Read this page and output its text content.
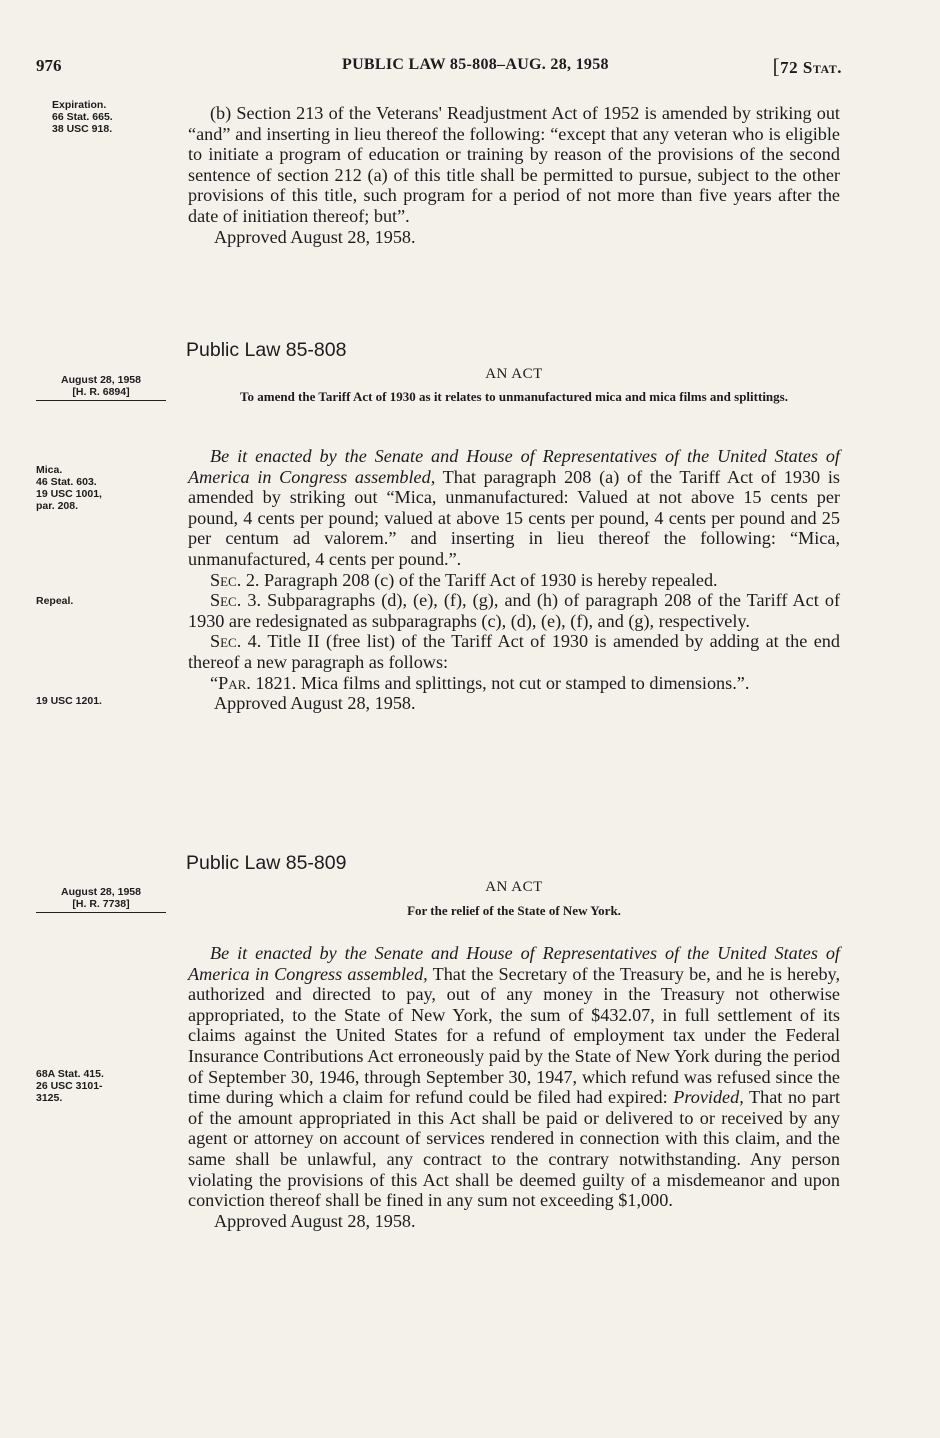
976	PUBLIC LAW 85-808–AUG. 28, 1958	[72 Stat.
Expiration.
66 Stat. 665.
38 USC 918.

(b) Section 213 of the Veterans' Readjustment Act of 1952 is amended by striking out “and” and inserting in lieu thereof the following: “except that any veteran who is eligible to initiate a program of education or training by reason of the provisions of the second sentence of section 212 (a) of this title shall be permitted to pursue, subject to the other provisions of this title, such program for a period of not more than five years after the date of initiation thereof; but”.

Approved August 28, 1958.

Public Law 85-808
AN ACT
August 28, 1958
[H. R. 6894]	To amend the Tariff Act of 1930 as it relates to unmanufactured mica and mica films and splittings.
Mica.
46 Stat. 603.
19 USC 1001,
par. 208.
Repeal.
19 USC 1201.

Be it enacted by the Senate and House of Representatives of the United States of America in Congress assembled, That paragraph 208 (a) of the Tariff Act of 1930 is amended by striking out “Mica, unmanufactured: Valued at not above 15 cents per pound, 4 cents per pound; valued at above 15 cents per pound, 4 cents per pound and 25 per centum ad valorem.” and inserting in lieu thereof the following: “Mica, unmanufactured, 4 cents per pound.”.

Sec. 2. Paragraph 208 (c) of the Tariff Act of 1930 is hereby repealed.

Sec. 3. Subparagraphs (d), (e), (f), (g), and (h) of paragraph 208 of the Tariff Act of 1930 are redesignated as subparagraphs (c), (d), (e), (f), and (g), respectively.

Sec. 4. Title II (free list) of the Tariff Act of 1930 is amended by adding at the end thereof a new paragraph as follows:

“Par. 1821. Mica films and splittings, not cut or stamped to dimensions.”.

Approved August 28, 1958.

Public Law 85-809
AN ACT
August 28, 1958
[H. R. 7738]	For the relief of the State of New York.
68A Stat. 415.
26 USC 3101-
3125.

Be it enacted by the Senate and House of Representatives of the United States of America in Congress assembled, That the Secretary of the Treasury be, and he is hereby, authorized and directed to pay, out of any money in the Treasury not otherwise appropriated, to the State of New York, the sum of $432.07, in full settlement of its claims against the United States for a refund of employment tax under the Federal Insurance Contributions Act erroneously paid by the State of New York during the period of September 30, 1946, through September 30, 1947, which refund was refused since the time during which a claim for refund could be filed had expired: Provided, That no part of the amount appropriated in this Act shall be paid or delivered to or received by any agent or attorney on account of services rendered in connection with this claim, and the same shall be unlawful, any contract to the contrary notwithstanding. Any person violating the provisions of this Act shall be deemed guilty of a misdemeanor and upon conviction thereof shall be fined in any sum not exceeding $1,000.

Approved August 28, 1958.
